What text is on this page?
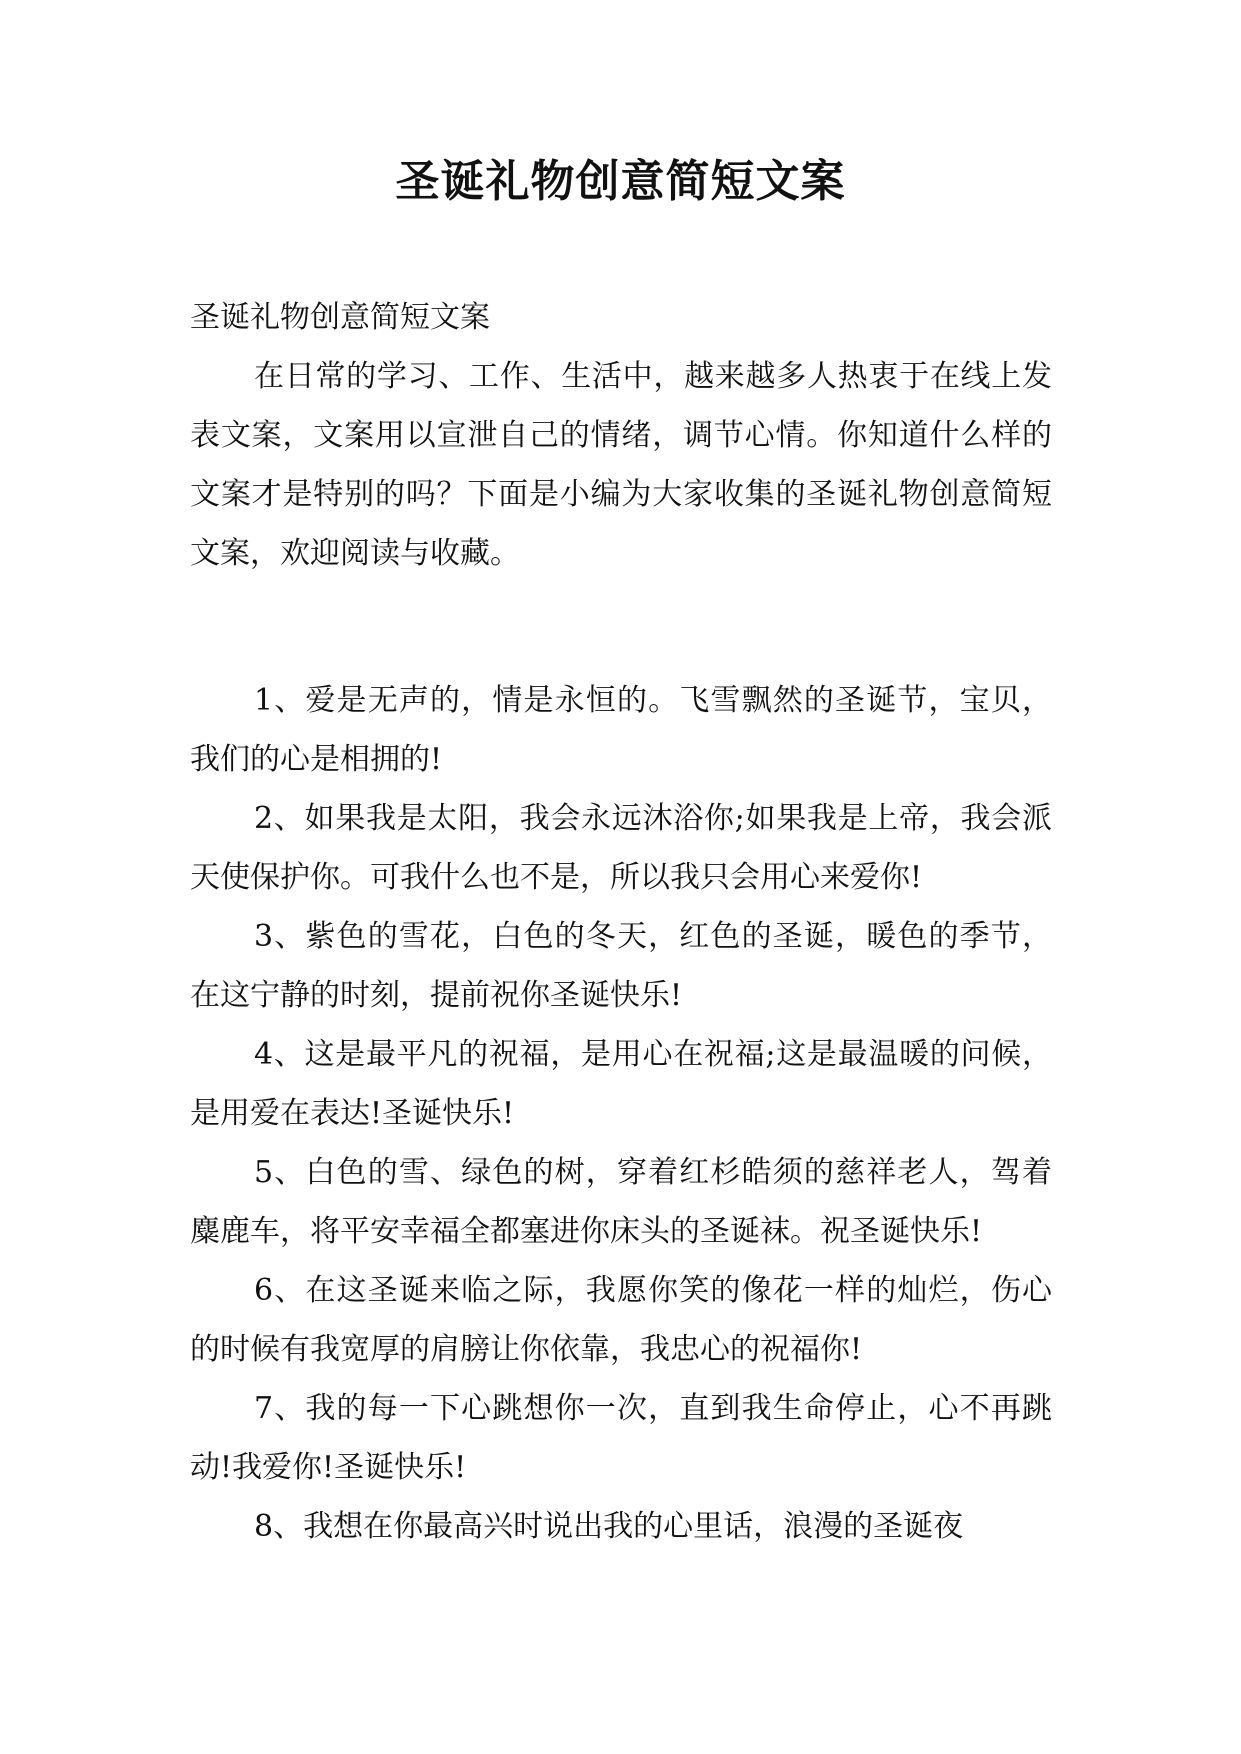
圣诞礼物创意简短文案

圣诞礼物创意简短文案

在日常的学习、工作、生活中，越来越多人热衷于在线上发表文案，文案用以宣泄自己的情绪，调节心情。你知道什么样的文案才是特别的吗？下面是小编为大家收集的圣诞礼物创意简短文案，欢迎阅读与收藏。

1、爱是无声的，情是永恒的。飞雪飘然的圣诞节，宝贝，我们的心是相拥的!

2、如果我是太阳，我会永远沐浴你;如果我是上帝，我会派天使保护你。可我什么也不是，所以我只会用心来爱你!

3、紫色的雪花，白色的冬天，红色的圣诞，暖色的季节，在这宁静的时刻，提前祝你圣诞快乐!

4、这是最平凡的祝福，是用心在祝福;这是最温暖的问候，是用爱在表达!圣诞快乐!

5、白色的雪、绿色的树，穿着红杉皓须的慈祥老人，驾着麋鹿车，将平安幸福全都塞进你床头的圣诞袜。祝圣诞快乐!

6、在这圣诞来临之际，我愿你笑的像花一样的灿烂，伤心的时候有我宽厚的肩膀让你依靠，我忠心的祝福你!

7、我的每一下心跳想你一次，直到我生命停止，心不再跳动!我爱你!圣诞快乐!

8、我想在你最高兴时说出我的心里话，浪漫的圣诞夜
